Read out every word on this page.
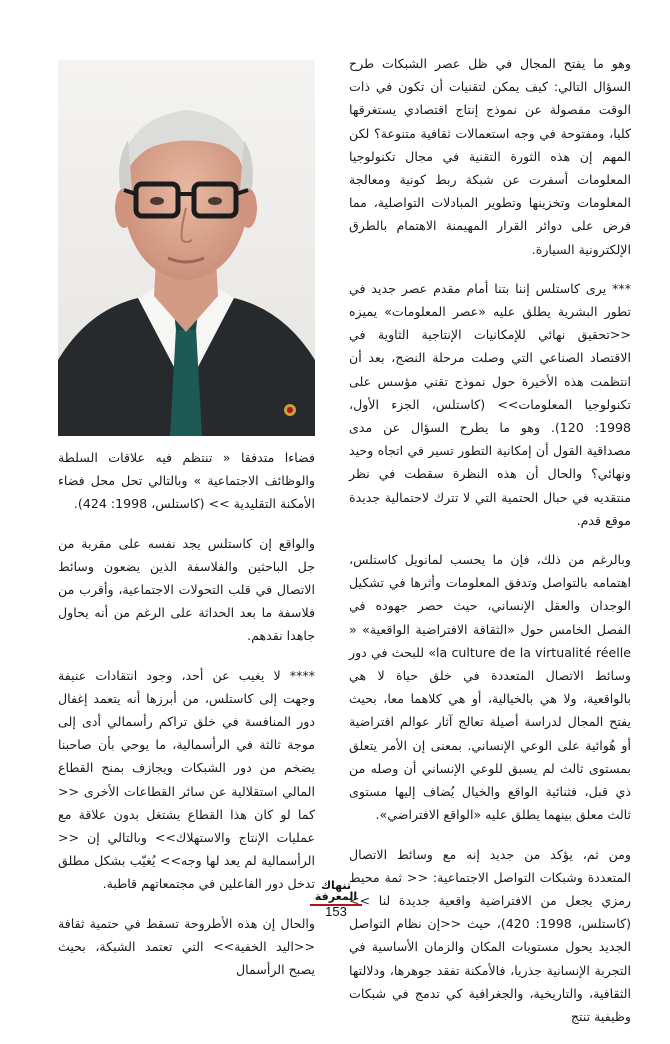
وهو ما يفتح المجال في ظل عصر الشبكات طرح السؤال التالي: كيف يمكن لتقنيات أن تكون في ذات الوقت مفصولة عن نموذج إنتاج اقتصادي يستغرقها كليا، ومفتوحة في وجه استعمالات ثقافية متنوعة؟ لكن المهم إن هذه الثورة التقنية في مجال تكنولوجيا المعلومات أسفرت عن شبكة ربط كونية ومعالجة المعلومات وتخزينها وتطوير المبادلات التواصلية، مما فرض على دوائر القرار المهيمنة الاهتمام بالطرق الإلكترونية السيارة.

*** يرى كاستلس إننا بتنا أمام مقدم عصر جديد في تطور البشرية يطلق عليه «عصر المعلومات» يميزه <<تحقيق نهائي للإمكانيات الإنتاجية الثاوية في الاقتصاد الصناعي التي وصلت مرحلة النضج، بعد أن انتظمت هذه الأخيرة حول نموذج تقني مؤسس على تكنولوجيا المعلومات>> (كاستلس، الجزء الأول، 1998: 120). وهو ما يطرح السؤال عن مدى مصداقية القول أن إمكانية التطور تسير في اتجاه وحيد ونهائي؟ والحال أن هذه النظرة سقطت في نظر منتقديه في حبال الحتمية التي لا تترك لاحتمالية جديدة موقع قدم.

وبالرغم من ذلك، فإن ما يحسب لمانويل كاستلس، اهتمامه بالتواصل وتدفق المعلومات وأثرها في تشكيل الوجدان والعقل الإنساني، حيث حصر جهوده في الفصل الخامس حول «الثقافة الافتراضية الواقعية» « la culture de la virtualité réelle» للبحث في دور وسائط الاتصال المتعددة في خلق حياة لا هي بالواقعية، ولا هي بالخيالية، أو هي كلاهما معا، بحيث يفتح المجال لدراسة أصيلة تعالج آثار عوالم افتراضية أو هُوائية على الوعي الإنساني. بمعنى إن الأمر يتعلق بمستوى ثالث لم يسبق للوعي الإنساني أن وصله من ذي قبل، فثنائية الواقع والخيال يُضاف إليها مستوى ثالث معلق بينهما يطلق عليه «الواقع الافتراضي».

ومن ثم، يؤكد من جديد إنه مع وسائط الاتصال المتعددة وشبكات التواصل الاجتماعية: << ثمة محيط رمزي يجعل من الافتراضية واقعية جديدة لنا >> (كاستلس، 1998: 420)، حيث <<إن نظام التواصل الجديد يحول مستويات المكان والزمان الأساسية في التجربة الإنسانية جذريا، فالأمكنة تفقد جوهرها، ودلالتها الثقافية، والتاريخية، والجغرافية كي تدمج في شبكات وظيفية تنتج

فضاءا متدفقا « تنتظم فيه علاقات السلطة والوظائف الاجتماعية » وبالتالي تحل محل فضاء الأمكنة التقليدية >> (كاستلس، 1998: 424).

والواقع إن كاستلس يجد نفسه على مقربة من جل الباحثين والفلاسفة الذين يضعون وسائط الاتصال في قلب التحولات الاجتماعية، وأقرب من فلاسفة ما بعد الحداثة على الرغم من أنه يحاول جاهدا نقدهم.

**** لا يغيب عن أحد، وجود انتقادات عنيفة وجهت إلى كاستلس، من أبرزها أنه يتعمد إغفال دور المنافسة في خلق تراكم رأسمالي أدى إلى موجة ثالثة في الرأسمالية، ما يوحي بأن صاحبنا يضخم من دور الشبكات ويجازف بمنح القطاع المالي استقلالية عن سائر القطاعات الأخرى << كما لو كان هذا القطاع يشتغل بدون علاقة مع عمليات الإنتاج والاستهلاك>> وبالتالي إن << الرأسمالية لم يعد لها وجه>> يُغيّب بشكل مطلق تدخل دور الفاعلين في مجتمعاتهم قاطبة.

والحال إن هذه الأطروحة تسقط في حتمية ثقافة <<اليد الخفية>> التي تعتمد الشبكة، بحيث يصبح الرأسمال

تنهاك المعرفة
153
